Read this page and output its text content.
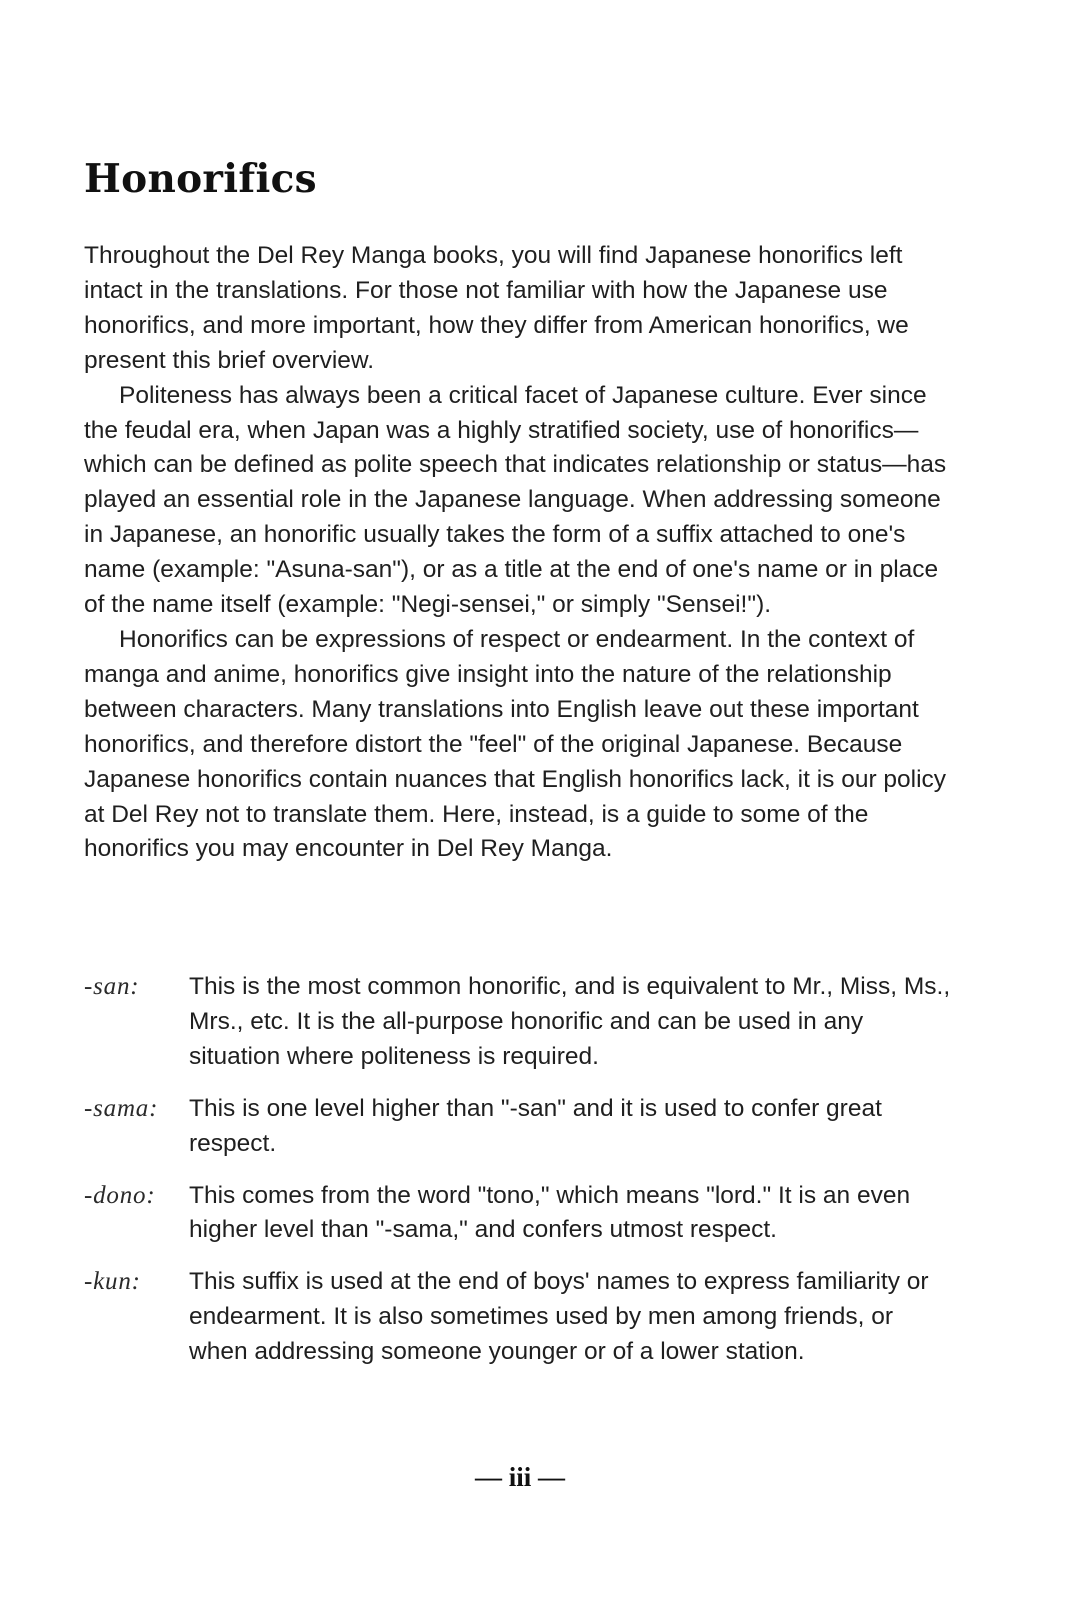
Honorifics

Throughout the Del Rey Manga books, you will find Japanese honorifics left intact in the translations. For those not familiar with how the Japanese use honorifics, and more important, how they differ from American honorifics, we present this brief overview.

Politeness has always been a critical facet of Japanese culture. Ever since the feudal era, when Japan was a highly stratified society, use of honorifics—which can be defined as polite speech that indicates relationship or status—has played an essential role in the Japanese language. When addressing someone in Japanese, an honorific usually takes the form of a suffix attached to one's name (example: "Asuna-san"), or as a title at the end of one's name or in place of the name itself (example: "Negi-sensei," or simply "Sensei!").

Honorifics can be expressions of respect or endearment. In the context of manga and anime, honorifics give insight into the nature of the relationship between characters. Many translations into English leave out these important honorifics, and therefore distort the "feel" of the original Japanese. Because Japanese honorifics contain nuances that English honorifics lack, it is our policy at Del Rey not to translate them. Here, instead, is a guide to some of the honorifics you may encounter in Del Rey Manga.

-san:	This is the most common honorific, and is equivalent to Mr., Miss, Ms., Mrs., etc. It is the all-purpose honorific and can be used in any situation where politeness is required.
-sama:	This is one level higher than "-san" and it is used to confer great respect.
-dono:	This comes from the word "tono," which means "lord." It is an even higher level than "-sama," and confers utmost respect.
-kun:	This suffix is used at the end of boys' names to express familiarity or endearment. It is also sometimes used by men among friends, or when addressing someone younger or of a lower station.
— iii —
